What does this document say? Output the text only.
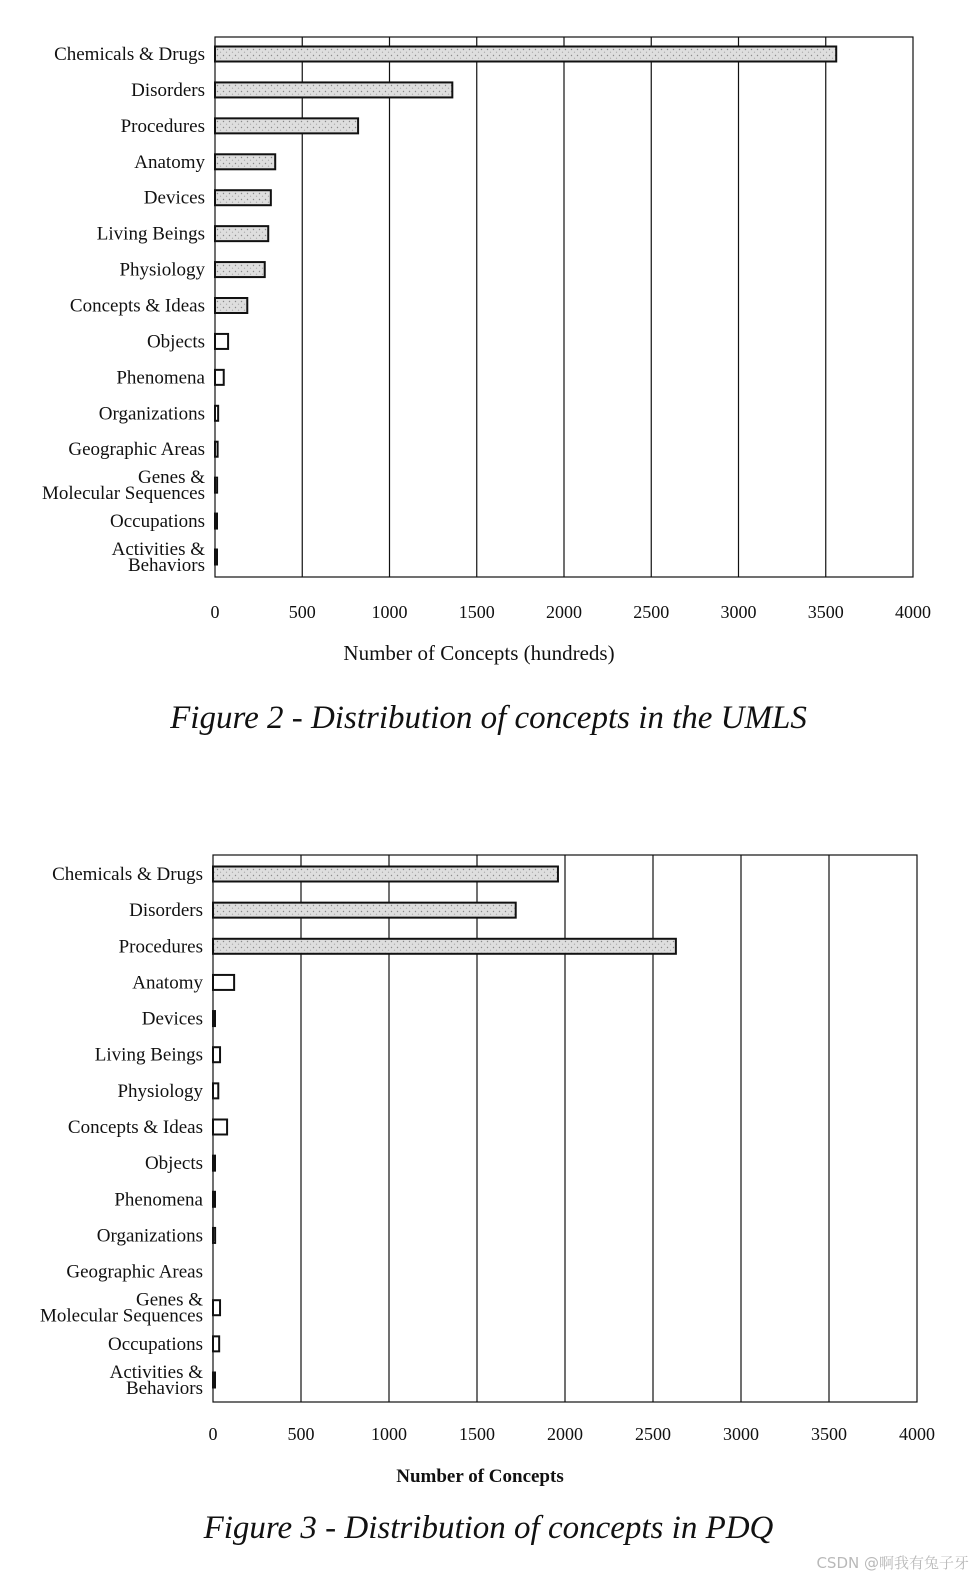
0	500	1000	1500	2000	2500	3000	3500	4000
Chemicals & Drugs
Disorders
Procedures
Anatomy
Devices
Living Beings
Physiology
Concepts & Ideas
Objects
Phenomena
Organizations
Geographic Areas
Genes & Molecular Sequences
Occupations
Activities & Behaviors
Number of Concepts (hundreds)
Figure 2 - Distribution of concepts in the UMLS
0	500	1000	1500	2000	2500	3000	3500	4000
Chemicals & Drugs
Disorders
Procedures
Anatomy
Devices
Living Beings
Physiology
Concepts & Ideas
Objects
Phenomena
Organizations
Geographic Areas
Genes & Molecular Sequences
Occupations
Activities & Behaviors
Number of Concepts
Figure 3 - Distribution of concepts in PDQ
CSDN @啊我有兔子牙
